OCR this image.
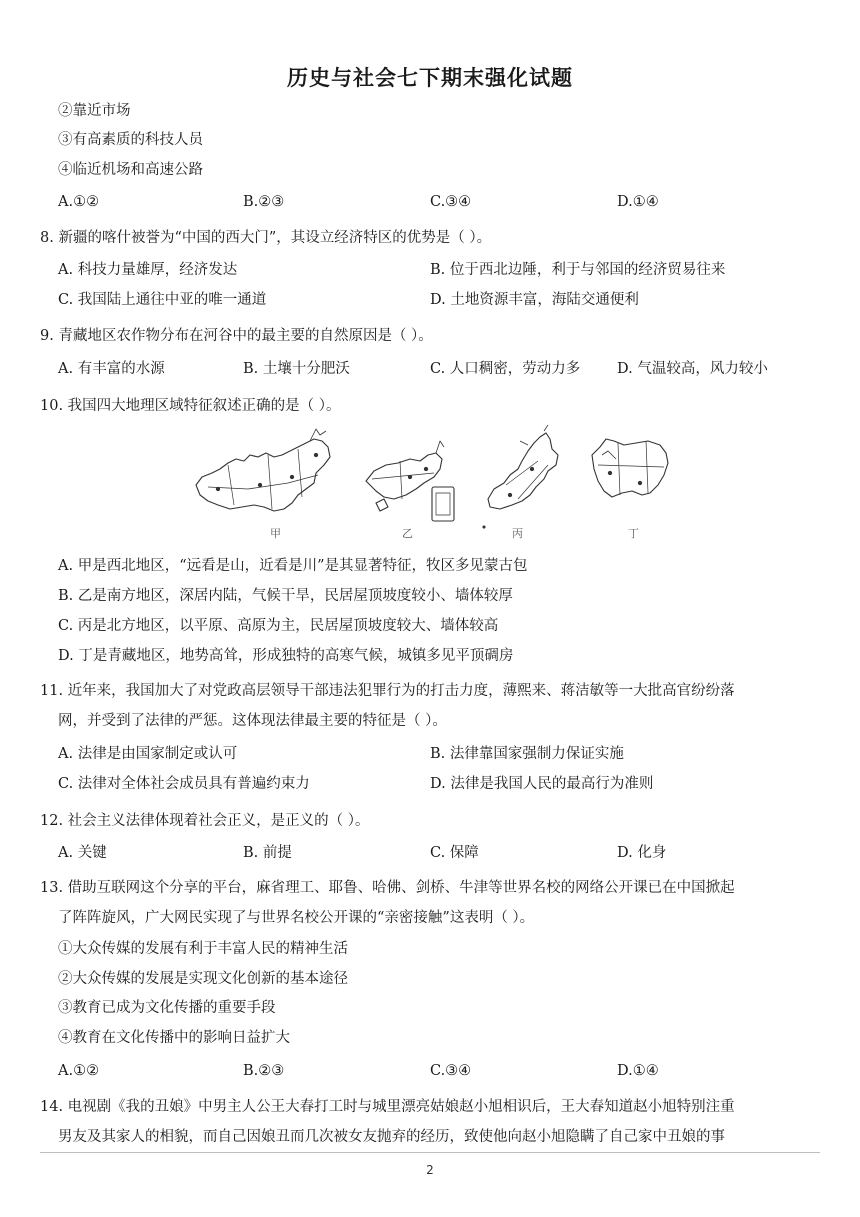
历史与社会七下期末强化试题
②靠近市场
③有高素质的科技人员
④临近机场和高速公路
A.①②	B.②③	C.③④	D.①④
8. 新疆的喀什被誉为“中国的西大门”，其设立经济特区的优势是（ ）。
A. 科技力量雄厚，经济发达	B. 位于西北边陲，利于与邻国的经济贸易往来
C. 我国陆上通往中亚的唯一通道	D. 土地资源丰富，海陆交通便利
9. 青藏地区农作物分布在河谷中的最主要的自然原因是（ ）。
A. 有丰富的水源	B. 土壤十分肥沃	C. 人口稠密，劳动力多	D. 气温较高，风力较小
10. 我国四大地理区域特征叙述正确的是（ ）。
甲	乙	丙	丁
A. 甲是西北地区，“远看是山，近看是川”是其显著特征，牧区多见蒙古包
B. 乙是南方地区，深居内陆，气候干旱，民居屋顶坡度较小、墙体较厚
C. 丙是北方地区，以平原、高原为主，民居屋顶坡度较大、墙体较高
D. 丁是青藏地区，地势高耸，形成独特的高寒气候，城镇多见平顶碉房
11. 近年来，我国加大了对党政高层领导干部违法犯罪行为的打击力度，薄熙来、蒋洁敏等一大批高官纷纷落
网，并受到了法律的严惩。这体现法律最主要的特征是（ ）。
A. 法律是由国家制定或认可	B. 法律靠国家强制力保证实施
C. 法律对全体社会成员具有普遍约束力	D. 法律是我国人民的最高行为准则
12. 社会主义法律体现着社会正义，是正义的（ ）。
A. 关键	B. 前提	C. 保障	D. 化身
13. 借助互联网这个分享的平台，麻省理工、耶鲁、哈佛、剑桥、牛津等世界名校的网络公开课已在中国掀起
了阵阵旋风，广大网民实现了与世界名校公开课的“亲密接触”这表明（ ）。
①大众传媒的发展有利于丰富人民的精神生活
②大众传媒的发展是实现文化创新的基本途径
③教育已成为文化传播的重要手段
④教育在文化传播中的影响日益扩大
A.①②	B.②③	C.③④	D.①④
14. 电视剧《我的丑娘》中男主人公王大春打工时与城里漂亮姑娘赵小旭相识后，王大春知道赵小旭特别注重
男友及其家人的相貌，而自己因娘丑而几次被女友抛弃的经历，致使他向赵小旭隐瞒了自己家中丑娘的事
2
